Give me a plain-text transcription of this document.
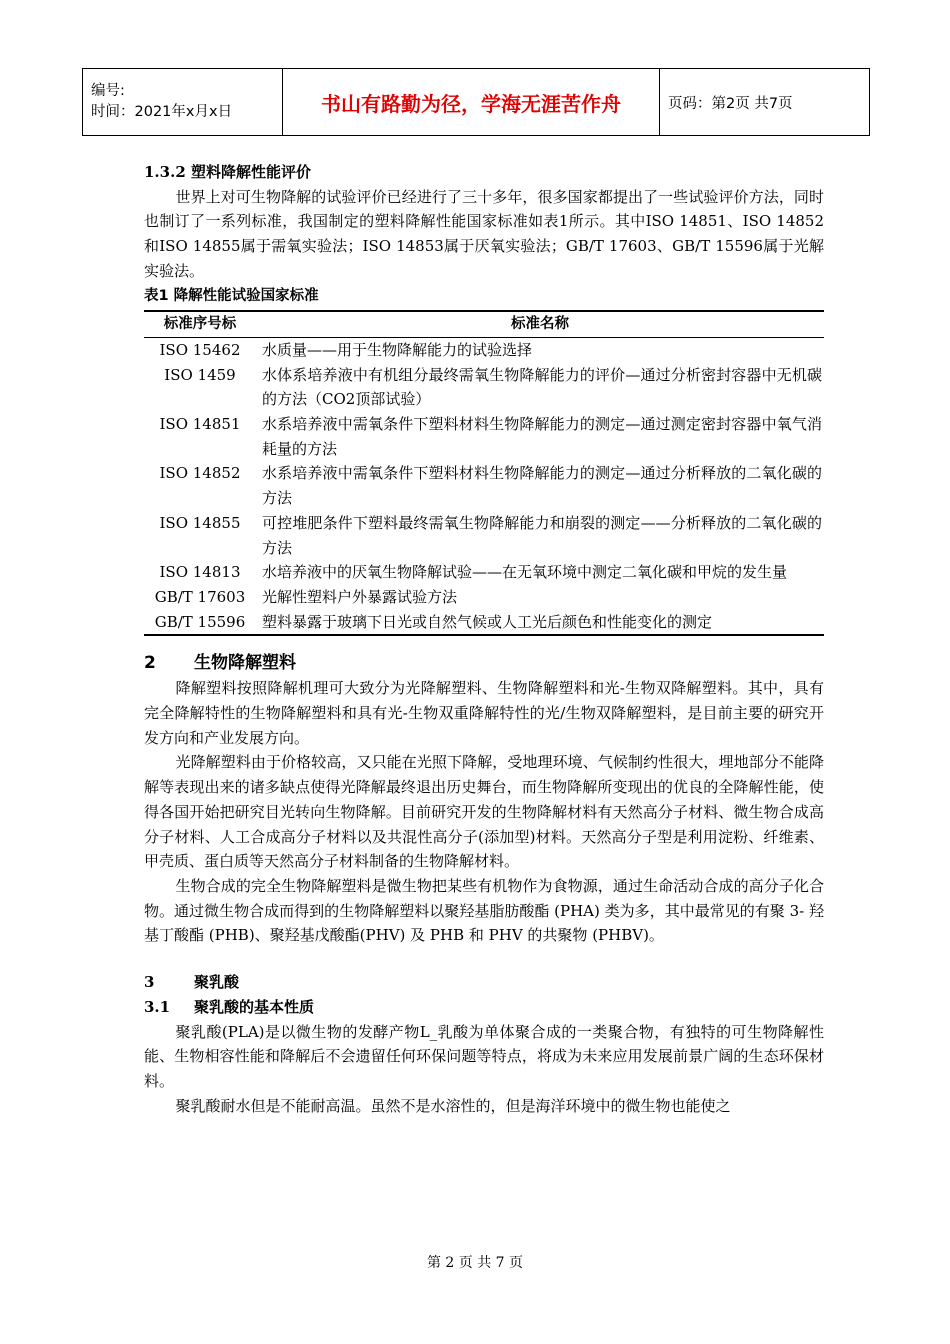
编号:
时间：2021年x月x日	书山有路勤为径，学海无涯苦作舟	页码：第2页 共7页

1.3.2 塑料降解性能评价

世界上对可生物降解的试验评价已经进行了三十多年，很多国家都提出了一些试验评价方法，同时也制订了一系列标准，我国制定的塑料降解性能国家标准如表1所示。其中ISO 14851、ISO 14852和ISO 14855属于需氧实验法；ISO 14853属于厌氧实验法；GB/T 17603、GB/T 15596属于光解实验法。

表1 降解性能试验国家标准

标准序号标	标准名称
ISO 15462	水质量——用于生物降解能力的试验选择
ISO 1459	水体系培养液中有机组分最终需氧生物降解能力的评价—通过分析密封容器中无机碳的方法（CO2顶部试验）
ISO 14851	水系培养液中需氧条件下塑料材料生物降解能力的测定—通过测定密封容器中氧气消耗量的方法
ISO 14852	水系培养液中需氧条件下塑料材料生物降解能力的测定—通过分析释放的二氧化碳的方法
ISO 14855	可控堆肥条件下塑料最终需氧生物降解能力和崩裂的测定——分析释放的二氧化碳的方法
ISO 14813	水培养液中的厌氧生物降解试验——在无氧环境中测定二氧化碳和甲烷的发生量
GB/T 17603	光解性塑料户外暴露试验方法
GB/T 15596	塑料暴露于玻璃下日光或自然气候或人工光后颜色和性能变化的测定

2 生物降解塑料

降解塑料按照降解机理可大致分为光降解塑料、生物降解塑料和光-生物双降解塑料。其中，具有完全降解特性的生物降解塑料和具有光-生物双重降解特性的光/生物双降解塑料，是目前主要的研究开发方向和产业发展方向。

光降解塑料由于价格较高，又只能在光照下降解，受地理环境、气候制约性很大，埋地部分不能降解等表现出来的诸多缺点使得光降解最终退出历史舞台，而生物降解所变现出的优良的全降解性能，使得各国开始把研究目光转向生物降解。目前研究开发的生物降解材料有天然高分子材料、微生物合成高分子材料、人工合成高分子材料以及共混性高分子(添加型)材料。天然高分子型是利用淀粉、纤维素、甲壳质、蛋白质等天然高分子材料制备的生物降解材料。

生物合成的完全生物降解塑料是微生物把某些有机物作为食物源，通过生命活动合成的高分子化合物。通过微生物合成而得到的生物降解塑料以聚羟基脂肪酸酯 (PHA) 类为多，其中最常见的有聚 3- 羟基丁酸酯 (PHB)、聚羟基戊酸酯(PHV) 及 PHB 和 PHV 的共聚物 (PHBV)。

3	聚乳酸

3.1 聚乳酸的基本性质

聚乳酸(PLA)是以微生物的发酵产物L_乳酸为单体聚合成的一类聚合物，有独特的可生物降解性能、生物相容性能和降解后不会遗留任何环保问题等特点，将成为未来应用发展前景广阔的生态环保材料。

聚乳酸耐水但是不能耐高温。虽然不是水溶性的，但是海洋环境中的微生物也能使之

第 2 页 共 7 页
